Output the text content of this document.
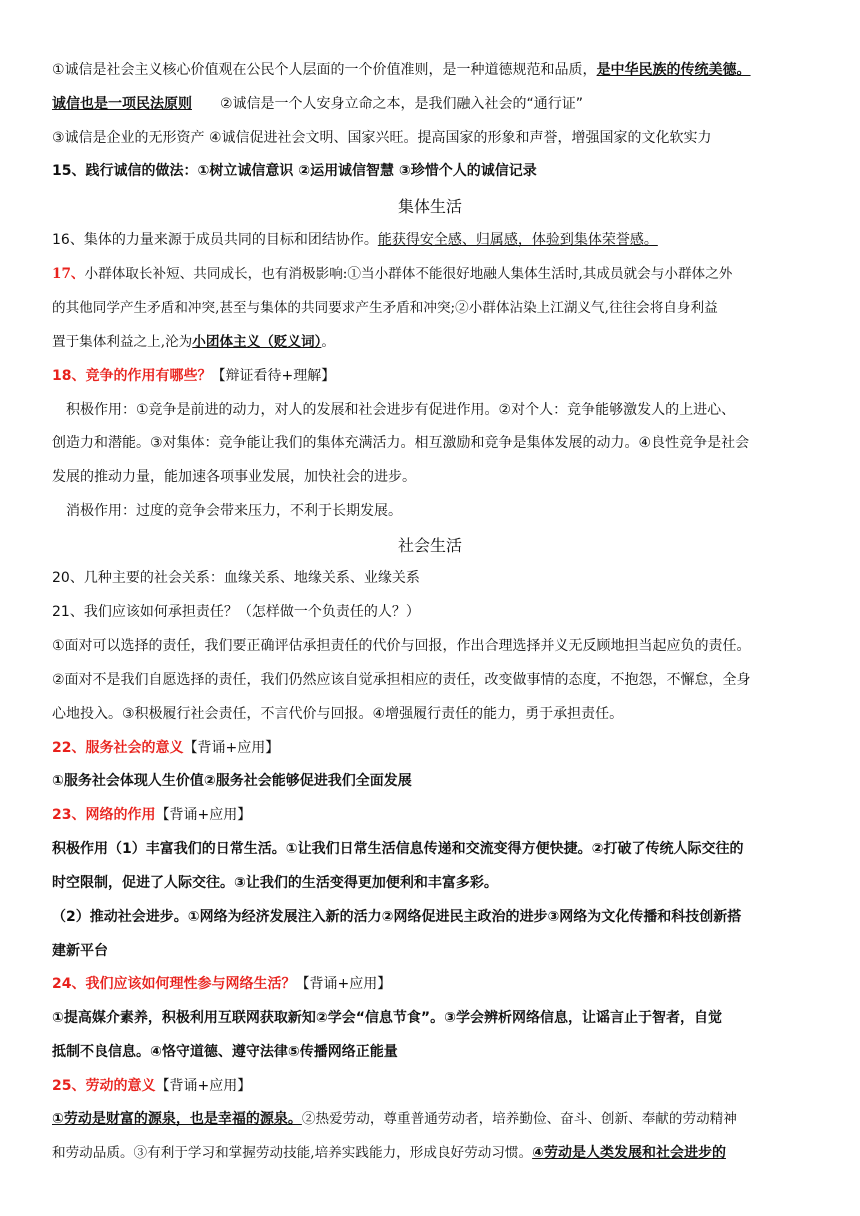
①诚信是社会主义核心价值观在公民个人层面的一个价值准则，是一种道德规范和品质，是中华民族的传统美德。
诚信也是一项民法原则　　②诚信是一个人安身立命之本，是我们融入社会的“通行证”
③诚信是企业的无形资产 ④诚信促进社会文明、国家兴旺。提高国家的形象和声誉，增强国家的文化软实力
15、践行诚信的做法：①树立诚信意识 ②运用诚信智慧 ③珍惜个人的诚信记录
集体生活
16、集体的力量来源于成员共同的目标和团结协作。能获得安全感、归属感，体验到集体荣誉感。
17、小群体取长补短、共同成长，也有消极影响:①当小群体不能很好地融人集体生活时,其成员就会与小群体之外
的其他同学产生矛盾和冲突,甚至与集体的共同要求产生矛盾和冲突;②小群体沾染上江湖义气,往往会将自身利益
置于集体利益之上,沦为小团体主义（贬义词）。
18、竞争的作用有哪些？【辩证看待+理解】
　积极作用：①竞争是前进的动力，对人的发展和社会进步有促进作用。②对个人：竞争能够激发人的上进心、
创造力和潜能。③对集体：竞争能让我们的集体充满活力。相互激励和竞争是集体发展的动力。④良性竞争是社会
发展的推动力量，能加速各项事业发展，加快社会的进步。
　消极作用：过度的竞争会带来压力，不利于长期发展。
社会生活
20、几种主要的社会关系：血缘关系、地缘关系、业缘关系
21、我们应该如何承担责任？（怎样做一个负责任的人？）
①面对可以选择的责任，我们要正确评估承担责任的代价与回报，作出合理选择并义无反顾地担当起应负的责任。
②面对不是我们自愿选择的责任，我们仍然应该自觉承担相应的责任，改变做事情的态度，不抱怨，不懈怠，全身
心地投入。③积极履行社会责任，不言代价与回报。④增强履行责任的能力，勇于承担责任。
22、服务社会的意义【背诵+应用】
①服务社会体现人生价值②服务社会能够促进我们全面发展
23、网络的作用【背诵+应用】
积极作用（1）丰富我们的日常生活。①让我们日常生活信息传递和交流变得方便快捷。②打破了传统人际交往的
时空限制，促进了人际交往。③让我们的生活变得更加便利和丰富多彩。
（2）推动社会进步。①网络为经济发展注入新的活力②网络促进民主政治的进步③网络为文化传播和科技创新搭
建新平台
24、我们应该如何理性参与网络生活？【背诵+应用】
①提高媒介素养，积极利用互联网获取新知②学会“信息节食”。③学会辨析网络信息，让谣言止于智者，自觉
抵制不良信息。④恪守道德、遵守法律⑤传播网络正能量
25、劳动的意义【背诵+应用】
①劳动是财富的源泉，也是幸福的源泉。②热爱劳动，尊重普通劳动者，培养勤俭、奋斗、创新、奉献的劳动精神
和劳动品质。③有利于学习和掌握劳动技能,培养实践能力，形成良好劳动习惯。④劳动是人类发展和社会进步的
